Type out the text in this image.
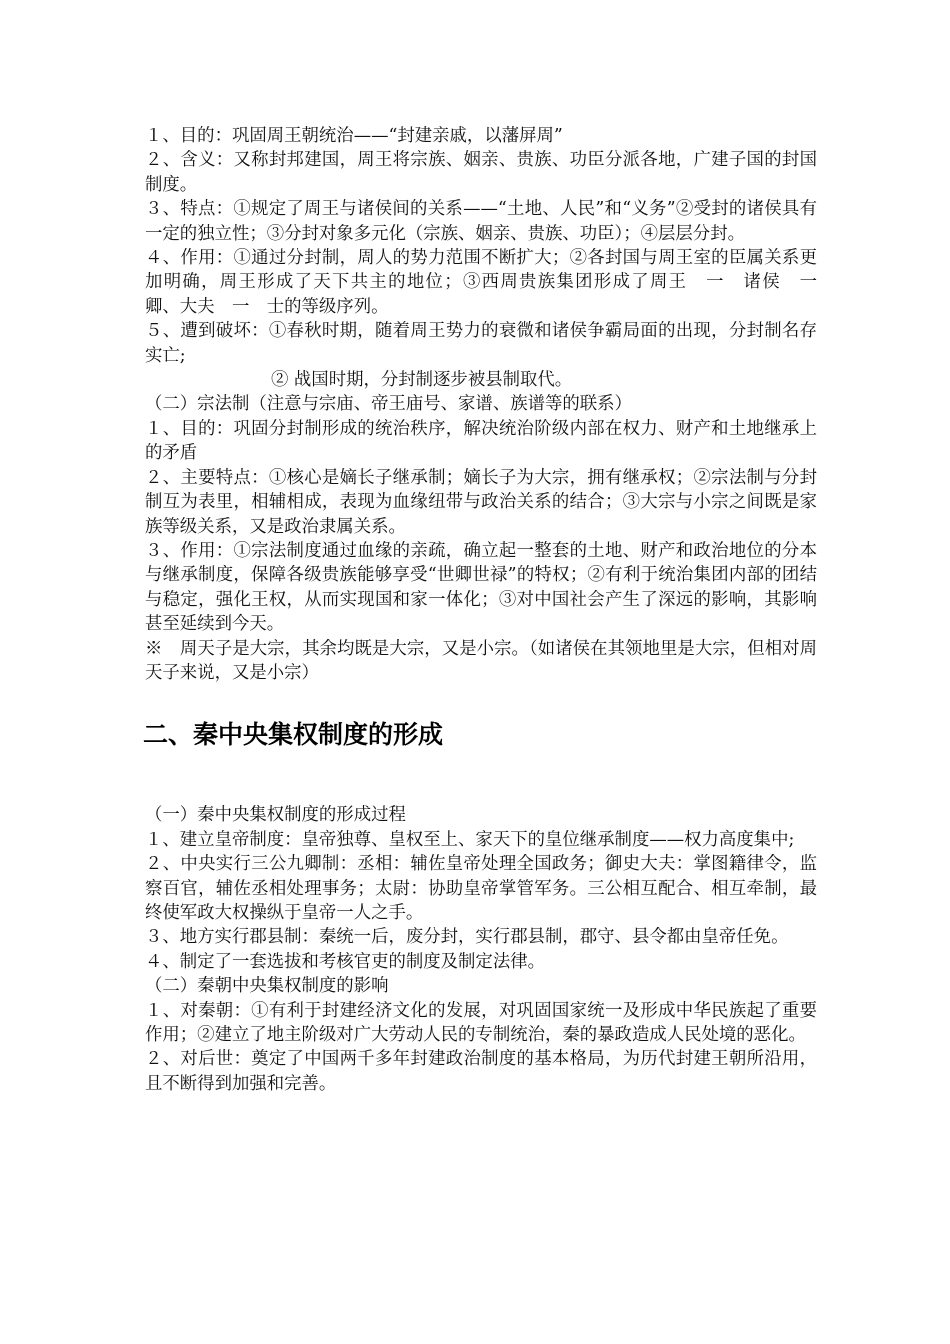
１、目的：巩固周王朝统治——“封建亲戚，以藩屏周”

２、含义：又称封邦建国，周王将宗族、姻亲、贵族、功臣分派各地，广建子国的封国制度。

３、特点：①规定了周王与诸侯间的关系——“土地、人民”和“义务”②受封的诸侯具有一定的独立性；③分封对象多元化（宗族、姻亲、贵族、功臣）；④层层分封。

４、作用：①通过分封制，周人的势力范围不断扩大；②各封国与周王室的臣属关系更加明确，周王形成了天下共主的地位；③西周贵族集团形成了周王　一　诸侯　一　卿、大夫　一　士的等级序列。

５、遭到破坏：①春秋时期，随着周王势力的衰微和诸侯争霸局面的出现，分封制名存实亡;

② 战国时期，分封制逐步被县制取代。

（二）宗法制（注意与宗庙、帝王庙号、家谱、族谱等的联系）

１、目的：巩固分封制形成的统治秩序，解决统治阶级内部在权力、财产和土地继承上的矛盾

２、主要特点：①核心是嫡长子继承制；嫡长子为大宗，拥有继承权；②宗法制与分封制互为表里，相辅相成，表现为血缘纽带与政治关系的结合；③大宗与小宗之间既是家族等级关系，又是政治隶属关系。

３、作用：①宗法制度通过血缘的亲疏，确立起一整套的土地、财产和政治地位的分本与继承制度，保障各级贵族能够享受“世卿世禄”的特权；②有利于统治集团内部的团结与稳定，强化王权，从而实现国和家一体化；③对中国社会产生了深远的影响，其影响甚至延续到今天。

※　周天子是大宗，其余均既是大宗，又是小宗。（如诸侯在其领地里是大宗，但相对周天子来说，又是小宗）

二、秦中央集权制度的形成

（一）秦中央集权制度的形成过程

１、建立皇帝制度：皇帝独尊、皇权至上、家天下的皇位继承制度——权力高度集中;

２、中央实行三公九卿制：丞相：辅佐皇帝处理全国政务；御史大夫：掌图籍律令，监察百官，辅佐丞相处理事务；太尉：协助皇帝掌管军务。三公相互配合、相互牵制，最终使军政大权操纵于皇帝一人之手。

３、地方实行郡县制：秦统一后，废分封，实行郡县制，郡守、县令都由皇帝任免。

４、制定了一套选拔和考核官吏的制度及制定法律。

（二）秦朝中央集权制度的影响

１、对秦朝：①有利于封建经济文化的发展，对巩固国家统一及形成中华民族起了重要作用；②建立了地主阶级对广大劳动人民的专制统治，秦的暴政造成人民处境的恶化。

２、对后世：奠定了中国两千多年封建政治制度的基本格局，为历代封建王朝所沿用，且不断得到加强和完善。
